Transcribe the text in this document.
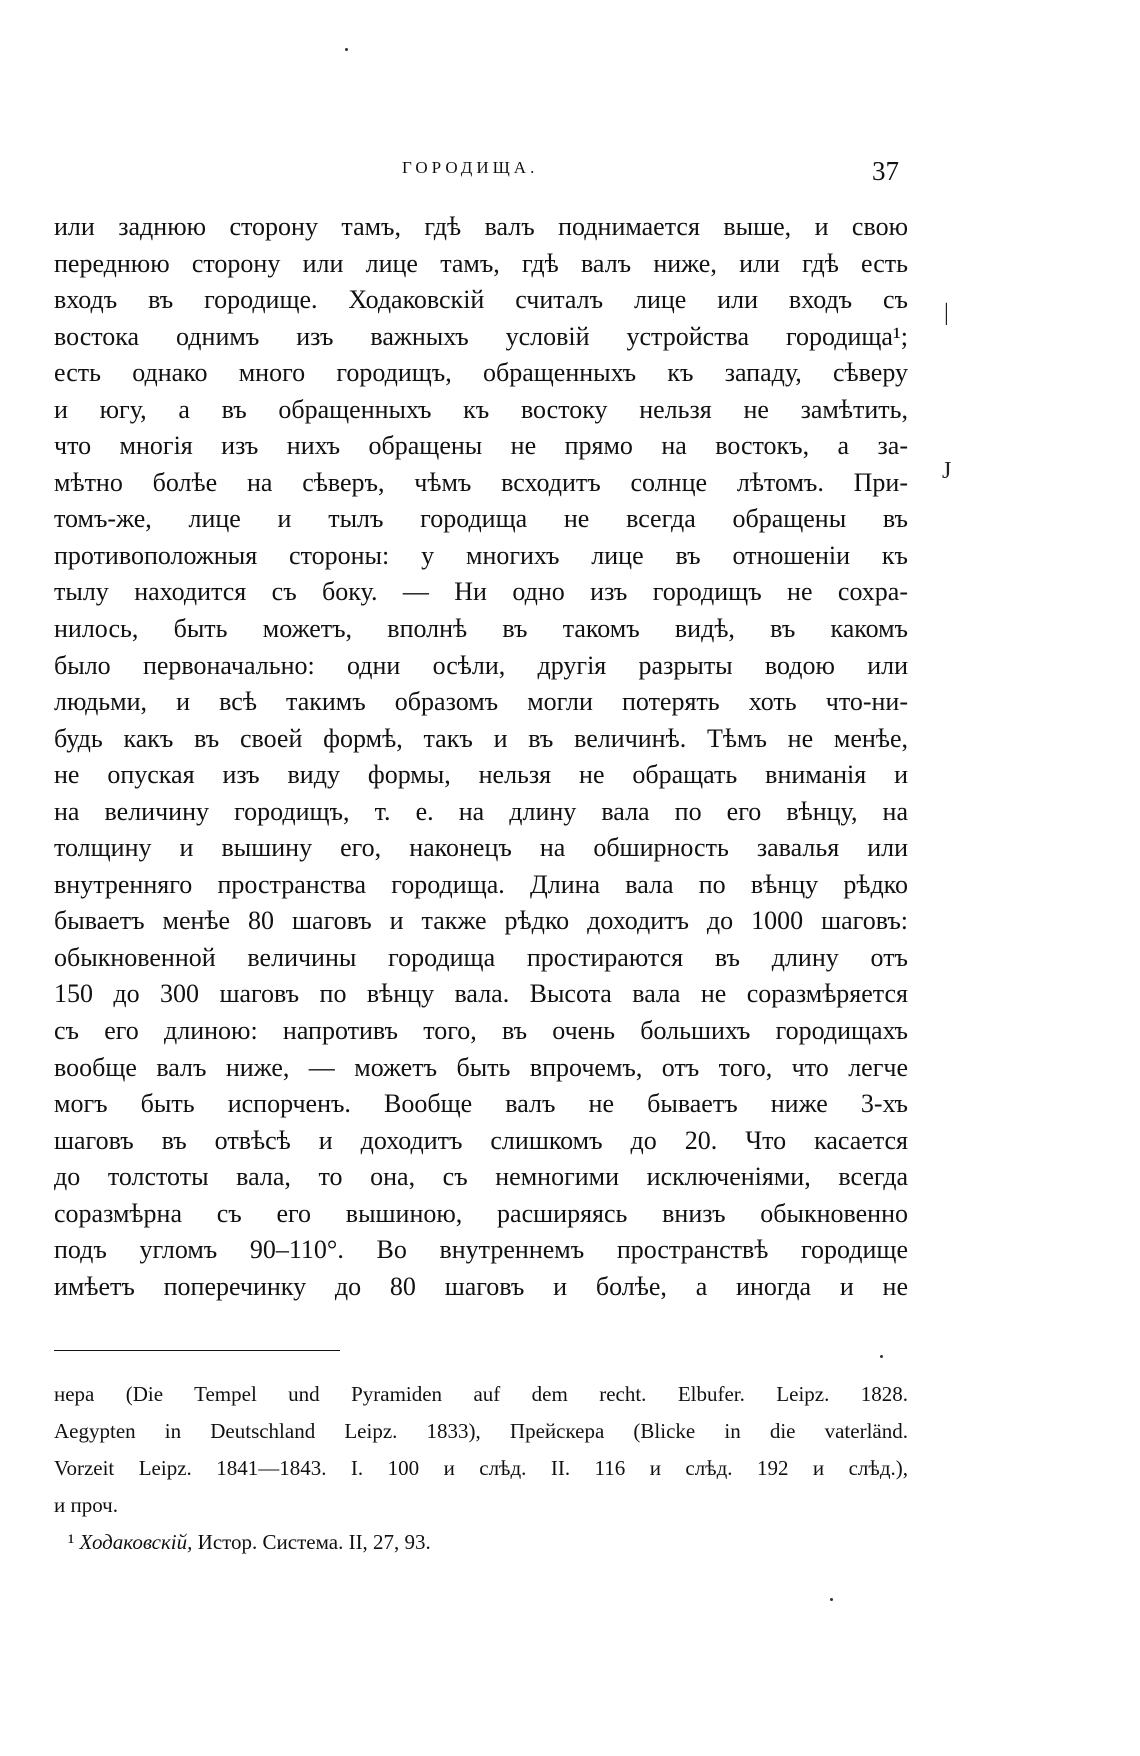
ГОРОДИЩА.	37
или заднюю сторону тамъ, гдѣ валъ поднимается выше, и свою
переднюю сторону или лице тамъ, гдѣ валъ ниже, или гдѣ есть
входъ въ городище. Ходаковскій считалъ лице или входъ съ
востока однимъ изъ важныхъ условій устройства городища¹;
есть однако много городищъ, обращенныхъ къ западу, сѣверу
и югу, а въ обращенныхъ къ востоку нельзя не замѣтить,
что многія изъ нихъ обращены не прямо на востокъ, а за-
мѣтно болѣе на сѣверъ, чѣмъ всходитъ солнце лѣтомъ. При-
томъ-же, лице и тылъ городища не всегда обращены въ
противоположныя стороны: у многихъ лице въ отношеніи къ
тылу находится съ боку. — Ни одно изъ городищъ не сохра-
нилось, быть можетъ, вполнѣ въ такомъ видѣ, въ какомъ
было первоначально: одни осѣли, другія разрыты водою или
людьми, и всѣ такимъ образомъ могли потерять хоть что-ни-
будь какъ въ своей формѣ, такъ и въ величинѣ. Тѣмъ не менѣе,
не опуская изъ виду формы, нельзя не обращать вниманія и
на величину городищъ, т. е. на длину вала по его вѣнцу, на
толщину и вышину его, наконецъ на обширность завалья или
внутренняго пространства городища. Длина вала по вѣнцу рѣдко
бываетъ менѣе 80 шаговъ и также рѣдко доходитъ до 1000 шаговъ:
обыкновенной величины городища простираются въ длину отъ
150 до 300 шаговъ по вѣнцу вала. Высота вала не соразмѣряется
съ его длиною: напротивъ того, въ очень большихъ городищахъ
вообще валъ ниже, — можетъ быть впрочемъ, отъ того, что легче
могъ быть испорченъ. Вообще валъ не бываетъ ниже 3-хъ
шаговъ въ отвѣсѣ и доходитъ слишкомъ до 20. Что касается
до толстоты вала, то она, съ немногими исключеніями, всегда
соразмѣрна съ его вышиною, расширяясь внизъ обыкновенно
подъ угломъ 90–110°. Во внутреннемъ пространствѣ городище
имѣетъ поперечинку до 80 шаговъ и болѣе, а иногда и не
нера (Die Tempel und Pyramiden auf dem recht. Elbufer. Leipz. 1828.
Aegypten in Deutschland Leipz. 1833), Прейскера (Blicke in die vaterländ.
Vorzeit Leipz. 1841—1843. I. 100 и слѣд. II. 116 и слѣд. 192 и слѣд.),
и проч.
¹ Ходаковскій, Истор. Система. II, 27, 93.
|
J
